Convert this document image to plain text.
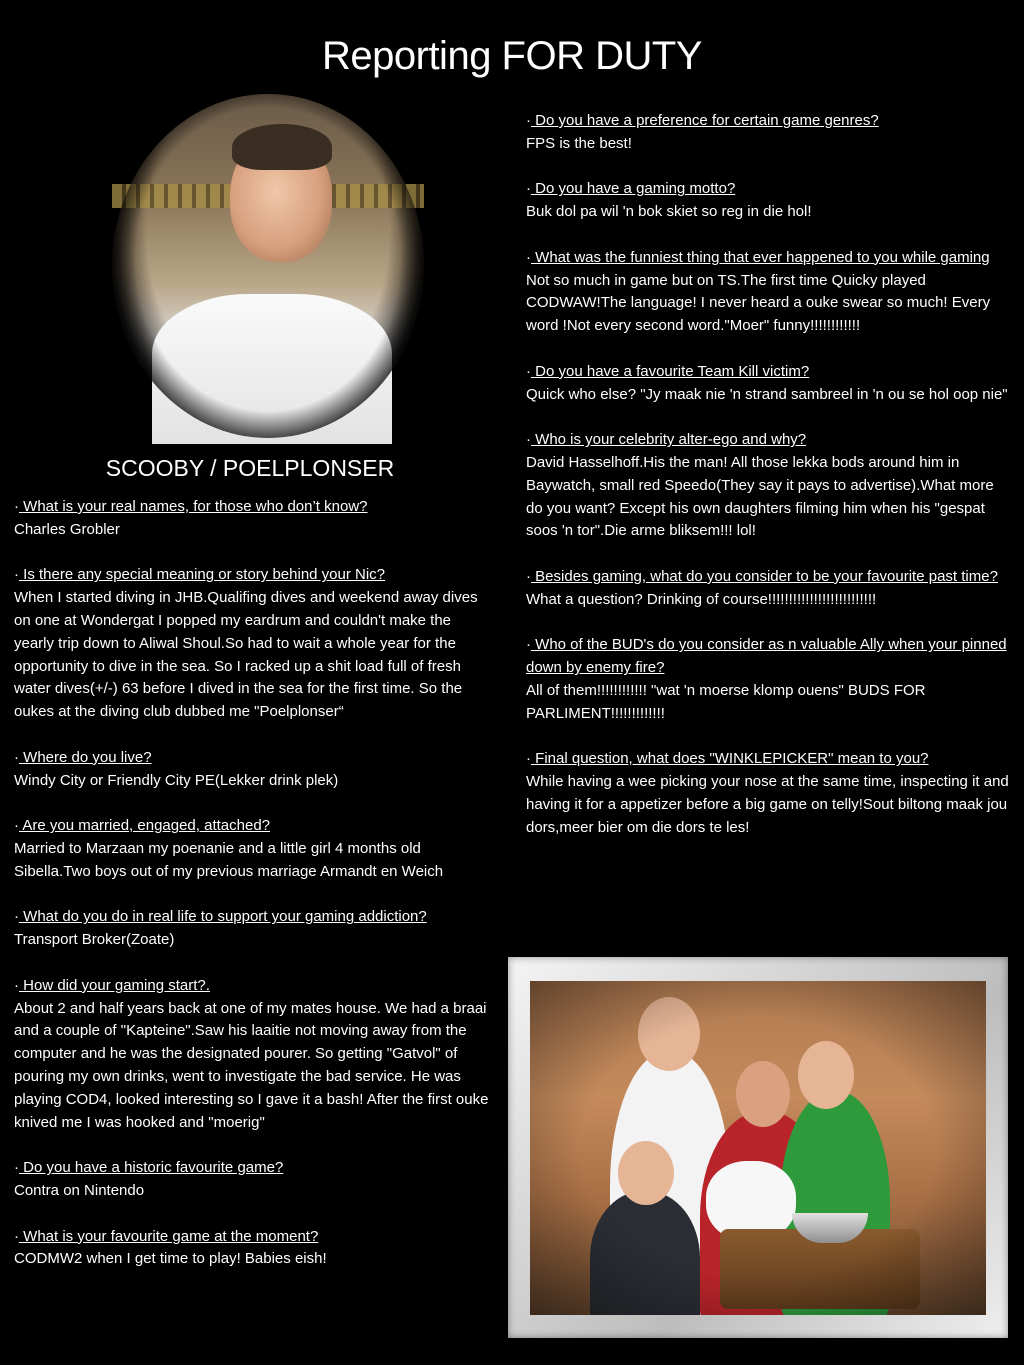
Reporting FOR DUTY
SCOOBY / POELPLONSER
· What is your real names, for those who don’t know?
Charles Grobler
· Is there any special meaning or story behind your Nic?
When I started diving in JHB.Qualifing dives and weekend away dives on one at Wondergat I popped my eardrum and couldn't make the yearly trip down to Aliwal Shoul.So had to wait a whole year for the opportunity to dive in the sea. So I racked up a shit load full of fresh water dives(+/-) 63 before I dived in the sea for the first time. So the oukes at the diving club dubbed me "Poelplonser“
· Where do you live?
Windy City or Friendly City PE(Lekker drink plek)
· Are you married, engaged, attached?
Married to Marzaan my poenanie and a little girl 4 months old Sibella.Two boys out of my previous marriage Armandt en Weich
· What do you do in real life to support your gaming addiction?
Transport Broker(Zoate)
· How did your gaming start?.
About 2 and half years back at one of my mates house. We had a braai and a couple of "Kapteine".Saw his laaitie not moving away from the computer and he was the designated pourer. So getting "Gatvol" of pouring my own drinks, went to investigate the bad service. He was playing COD4, looked interesting so I gave it a bash! After the first ouke knived me I was hooked and "moerig"
· Do you have a historic favourite game?
Contra on Nintendo
· What is your favourite game at the moment?
CODMW2 when I get time to play! Babies eish!
· Do you have a preference for certain game genres?
FPS is the best!
· Do you have a gaming motto?
Buk dol pa wil 'n bok skiet so reg in die hol!
· What was the funniest thing that ever happened to you while gaming
Not so much in game but on TS.The first time Quicky played CODWAW!The language! I never heard a ouke swear so much! Every word !Not every second word."Moer" funny!!!!!!!!!!!!
· Do you have a favourite Team Kill victim?
Quick who else? "Jy maak nie 'n strand sambreel in 'n ou se hol oop nie"
· Who is your celebrity alter-ego and why?
David Hasselhoff.His the man! All those lekka bods around him in Baywatch, small red Speedo(They say it pays to advertise).What more do you want? Except his own daughters filming him when his "gespat soos 'n tor".Die arme bliksem!!! lol!
· Besides gaming, what do you consider to be your favourite past time?
What a question? Drinking of course!!!!!!!!!!!!!!!!!!!!!!!!!!
· Who of the BUD's do you consider as n valuable Ally when your pinned down by enemy fire?
All of them!!!!!!!!!!!! "wat 'n moerse klomp ouens" BUDS FOR PARLIMENT!!!!!!!!!!!!!
· Final question, what does "WINKLEPICKER" mean to you?
While having a wee picking your nose at the same time, inspecting it and having it for a appetizer before a big game on telly!Sout biltong maak jou dors,meer bier om die dors te les!
